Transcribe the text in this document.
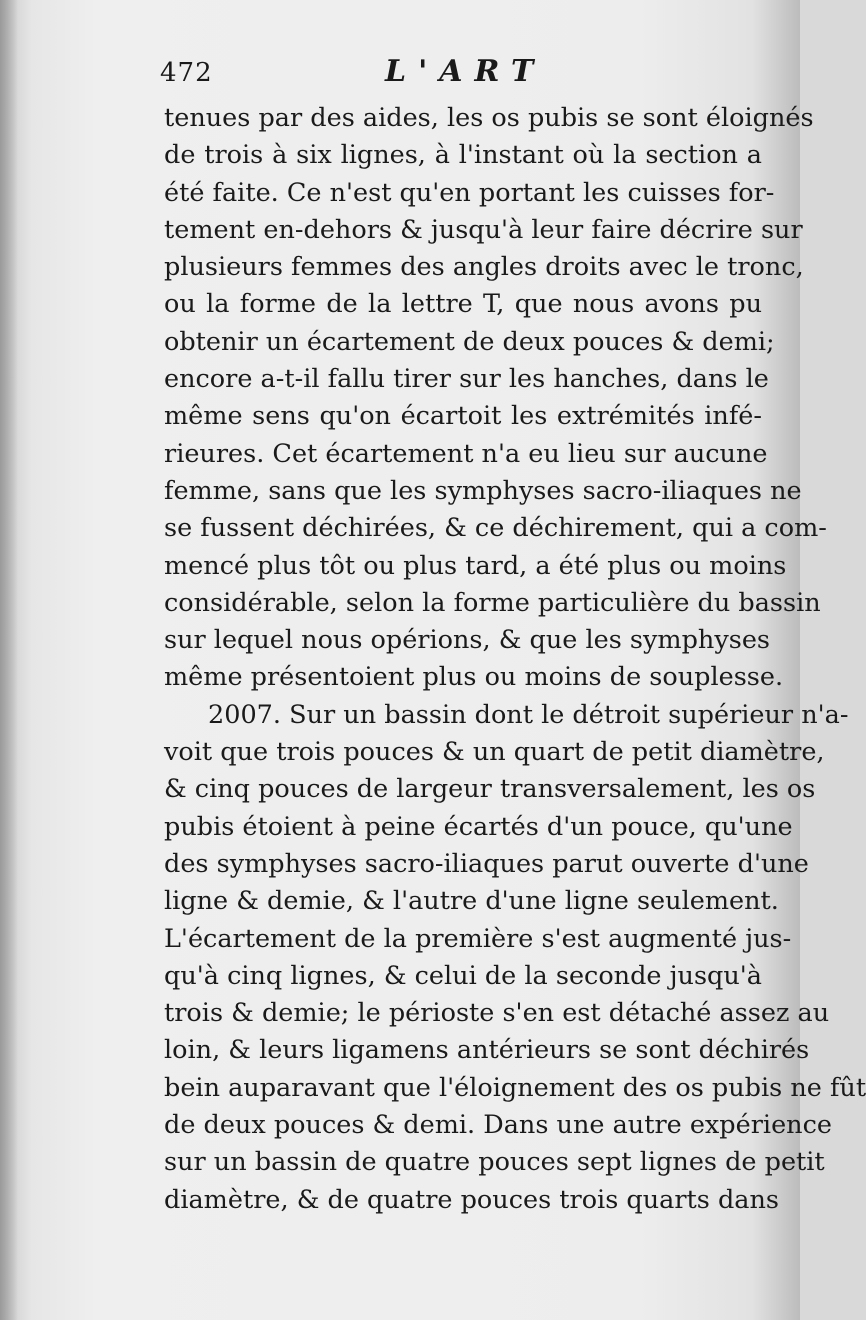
472	L'ART
tenues par des aides, les os pubis se sont éloignés
de trois à six lignes, à l'instant où la section a
été faite. Ce n'est qu'en portant les cuisses for-
tement en-dehors & jusqu'à leur faire décrire sur
plusieurs femmes des angles droits avec le tronc,
ou la forme de la lettre T, que nous avons pu
obtenir un écartement de deux pouces & demi;
encore a-t-il fallu tirer sur les hanches, dans le
même sens qu'on écartoit les extrémités infé-
rieures. Cet écartement n'a eu lieu sur aucune
femme, sans que les symphyses sacro-iliaques ne
se fussent déchirées, & ce déchirement, qui a com-
mencé plus tôt ou plus tard, a été plus ou moins
considérable, selon la forme particulière du bassin
sur lequel nous opérions, & que les symphyses
même présentoient plus ou moins de souplesse.
2007. Sur un bassin dont le détroit supérieur n'a-
voit que trois pouces & un quart de petit diamètre,
& cinq pouces de largeur transversalement, les os
pubis étoient à peine écartés d'un pouce, qu'une
des symphyses sacro-iliaques parut ouverte d'une
ligne & demie, & l'autre d'une ligne seulement.
L'écartement de la première s'est augmenté jus-
qu'à cinq lignes, & celui de la seconde jusqu'à
trois & demie; le périoste s'en est détaché assez au
loin, & leurs ligamens antérieurs se sont déchirés
bein auparavant que l'éloignement des os pubis ne fût
de deux pouces & demi. Dans une autre expérience
sur un bassin de quatre pouces sept lignes de petit
diamètre, & de quatre pouces trois quarts dans
